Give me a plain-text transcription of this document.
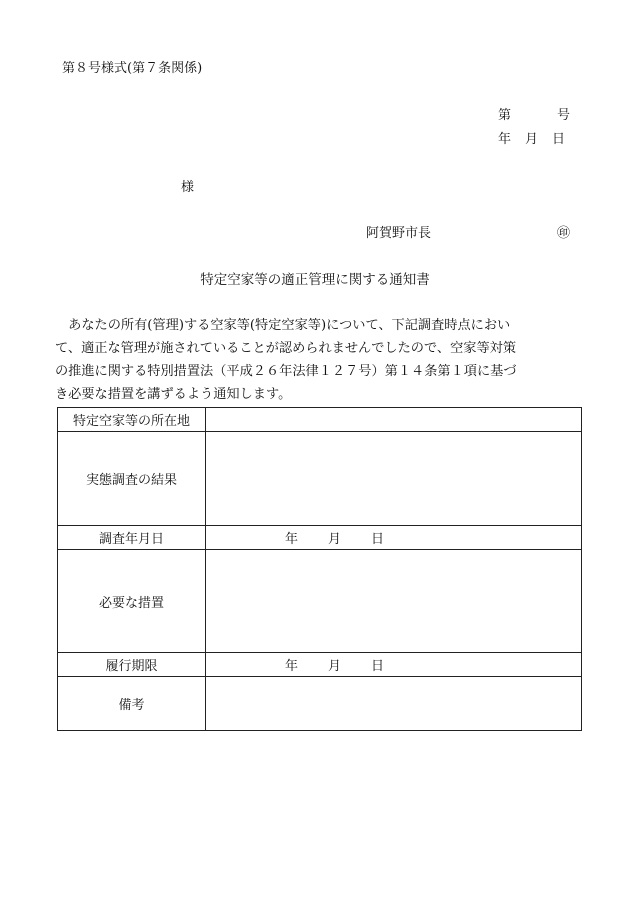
第８号様式(第７条関係)
第	号
年 月 日
様
阿賀野市長	㊞
特定空家等の適正管理に関する通知書
　あなたの所有(管理)する空家等(特定空家等)について、下記調査時点におい
て、適正な管理が施されていることが認められませんでしたので、空家等対策
の推進に関する特別措置法（平成２６年法律１２７号）第１４条第１項に基づ
き必要な措置を講ずるよう通知します。
特定空家等の所在地	
実態調査の結果	
調査年月日	年 月 日
必要な措置	
履行期限	年 月 日
備考	
